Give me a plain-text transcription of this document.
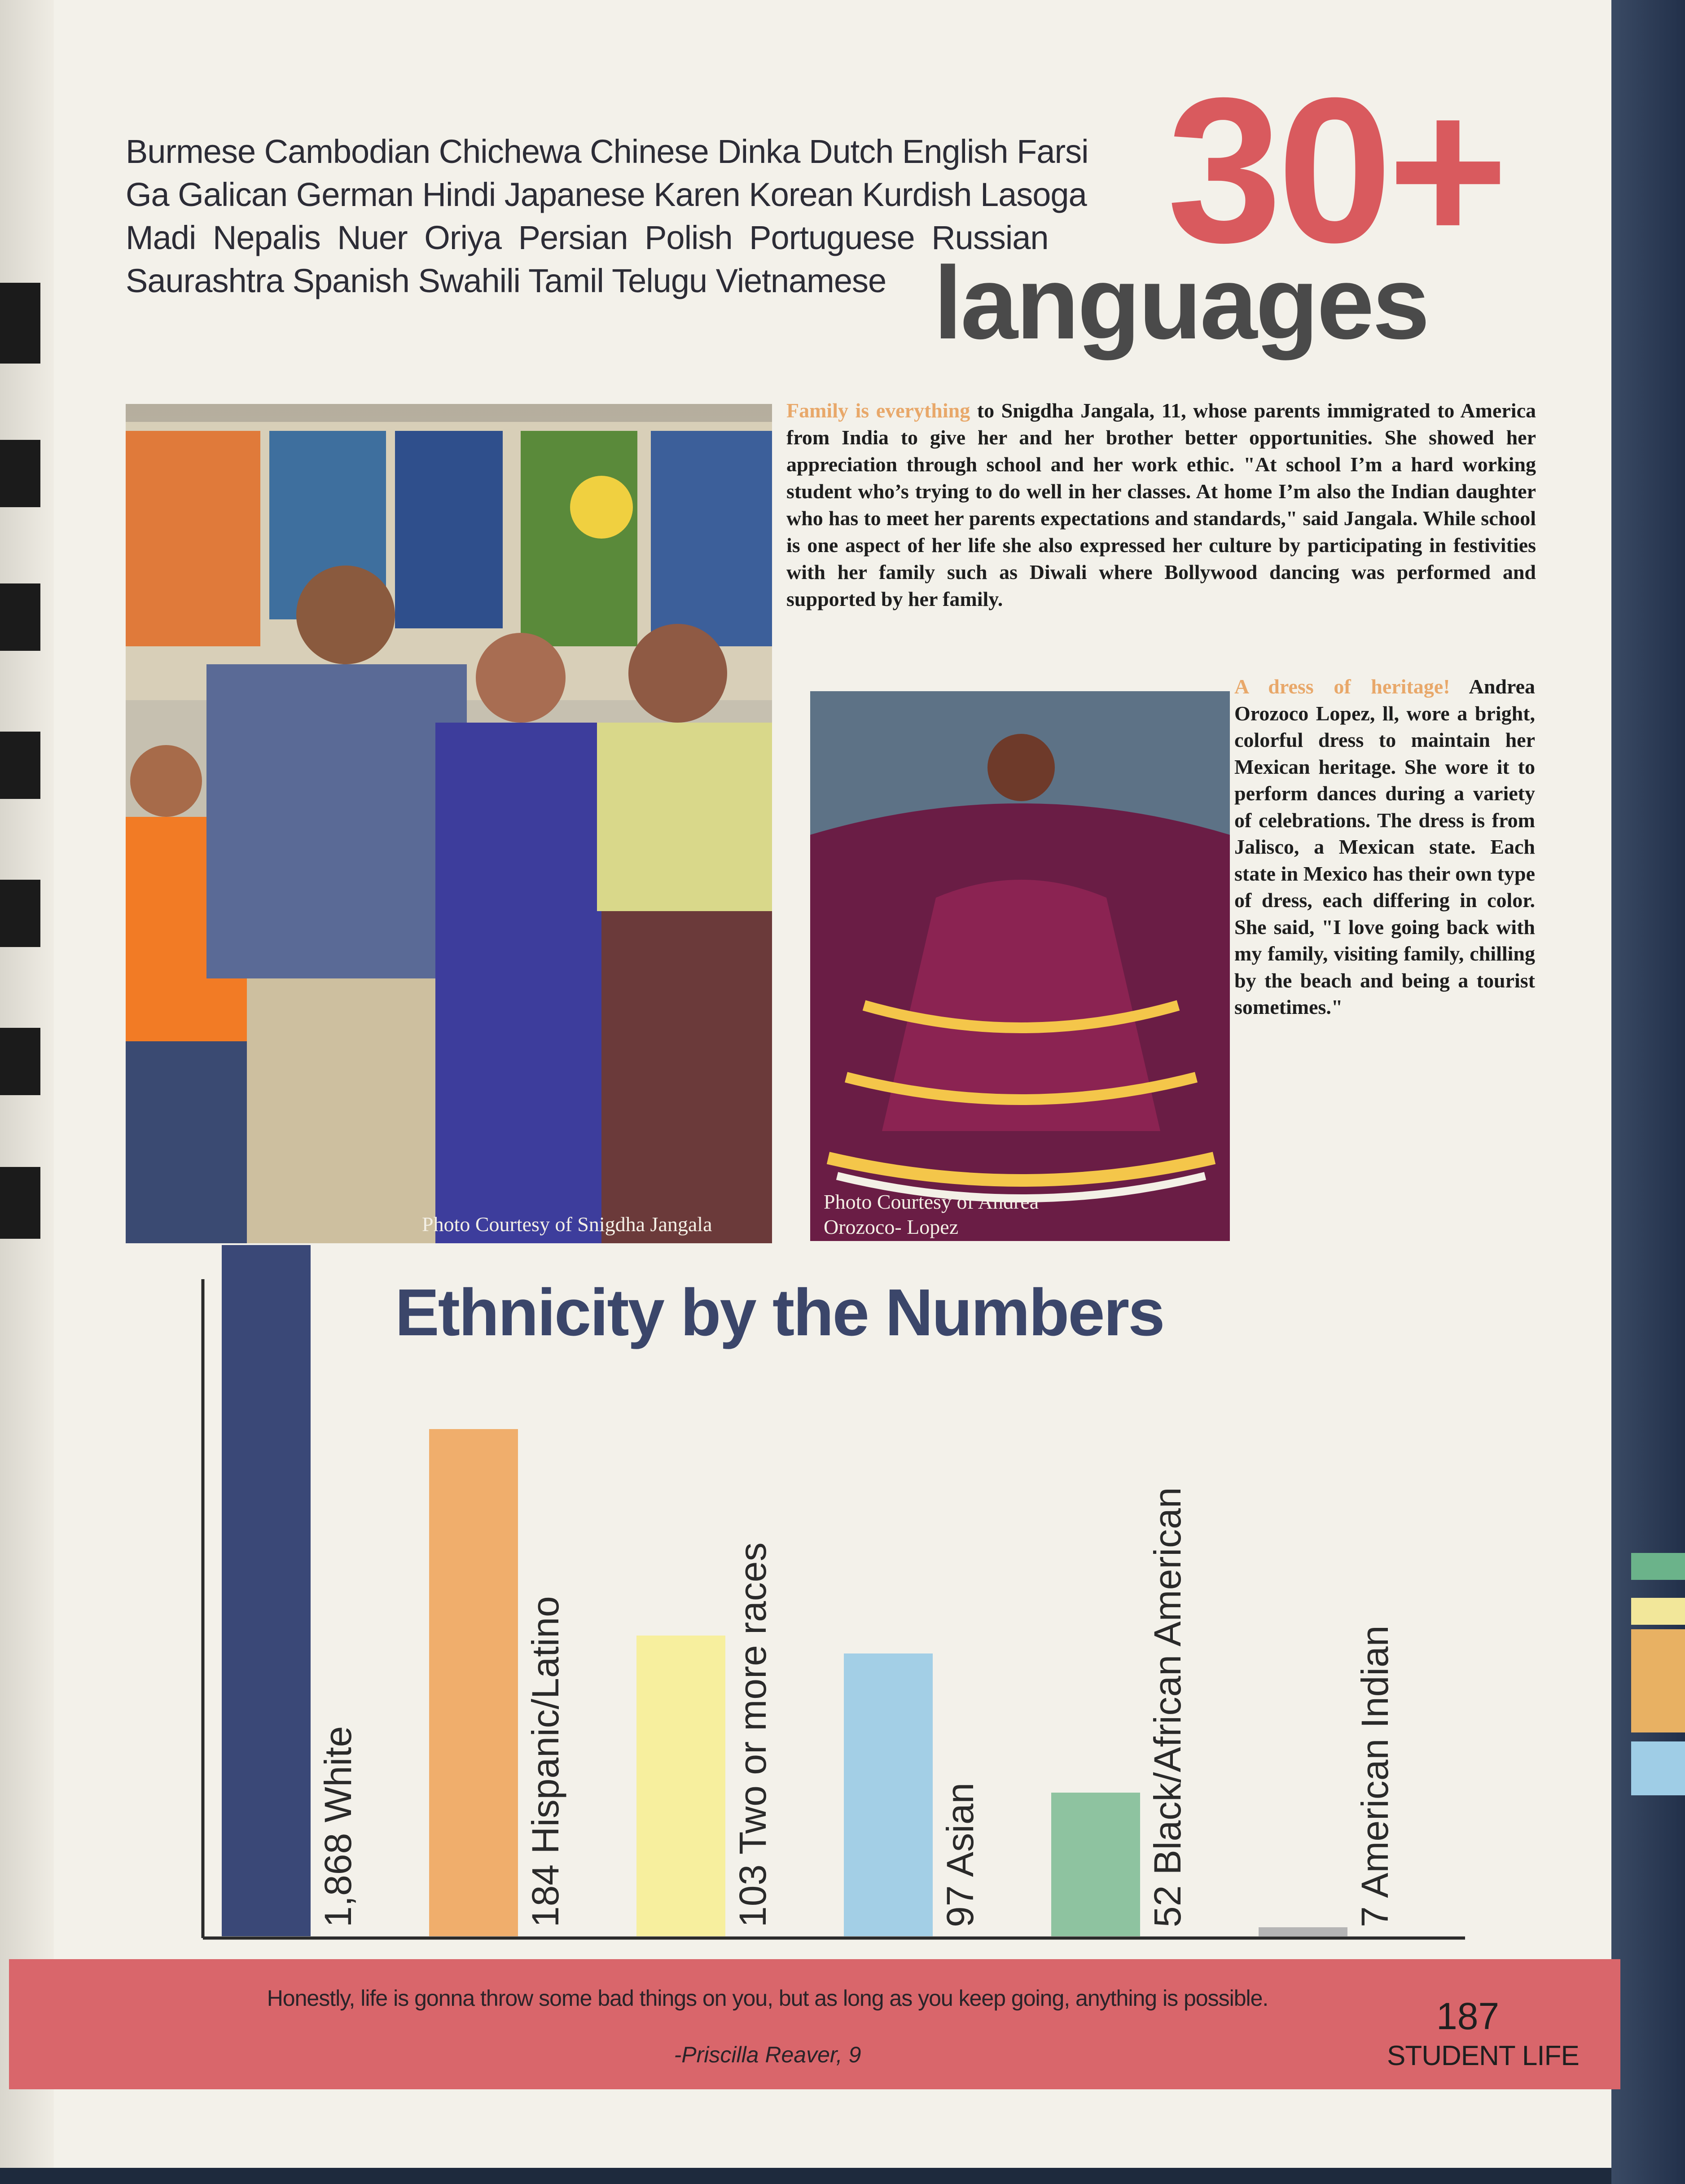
Burmese Cambodian Chichewa Chinese Dinka Dutch English Farsi
Ga Galican German Hindi Japanese Karen Korean Kurdish Lasoga
Madi Nepalis Nuer Oriya Persian Polish Portuguese Russian
Saurashtra Spanish Swahili Tamil Telugu Vietnamese	30+
languages
Photo Courtesy of Snigdha Jangala
Photo Courtesy of Andrea
Orozoco- Lopez
Family is everything to Snigdha Jangala, 11, whose parents immigrated to America from India to give her and her brother better opportunities. She showed her appreciation through school and her work ethic. "At school I’m a hard working student who’s trying to do well in her classes. At home I’m also the Indian daughter who has to meet her parents expectations and standards," said Jangala. While school is one aspect of her life she also expressed her culture by participating in festivities with her family such as Diwali where Bollywood dancing was performed and supported by her family.
A dress of heritage! Andrea Orozoco Lopez, ll, wore a bright, colorful dress to maintain her Mexican heritage. She wore it to perform dances during a variety of celebrations. The dress is from Jalisco, a Mexican state. Each state in Mexico has their own type of dress, each differing in color. She said, "I love going back with my family, visiting family, chilling by the beach and being a tourist sometimes."
Ethnicity by the Numbers
1,868 White	184 Hispanic/Latino	103 Two or more races	97 Asian	52 Black/African American	7 American Indian
Honestly, life is gonna throw some bad things on you, but as long as you keep going, anything is possible.
-Priscilla Reaver, 9
187
STUDENT LIFE
